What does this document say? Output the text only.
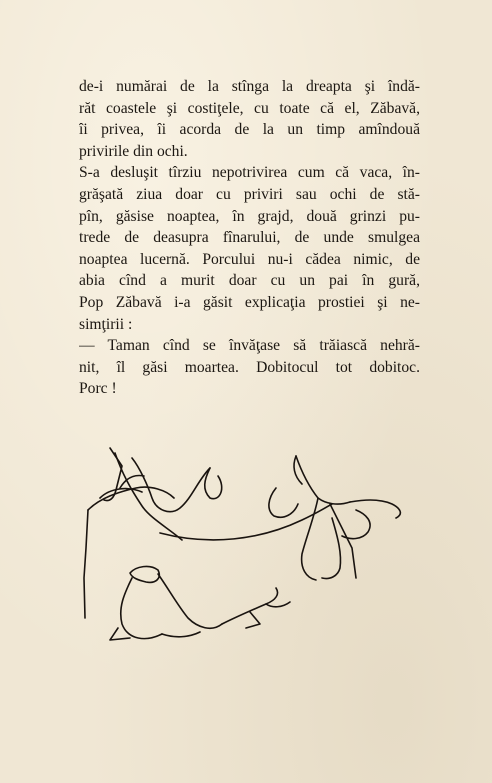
de-i numărai de la stînga la dreapta şi îndă-
răt coastele şi costiţele, cu toate că el, Zăbavă,
îi privea, îi acorda de la un timp amîndouă
privirile din ochi.
S-a desluşit tîrziu nepotrivirea cum că vaca, în-
grăşată ziua doar cu priviri sau ochi de stă-
pîn, găsise noaptea, în grajd, două grinzi pu-
trede de deasupra fînarului, de unde smulgea
noaptea lucernă. Porcului nu-i cădea nimic, de
abia cînd a murit doar cu un pai în gură,
Pop Zăbavă i-a găsit explicaţia prostiei şi ne-
simţirii :
— Taman cînd se învăţase să trăiască nehră-
nit, îl găsi moartea. Dobitocul tot dobitoc.
Porc !
